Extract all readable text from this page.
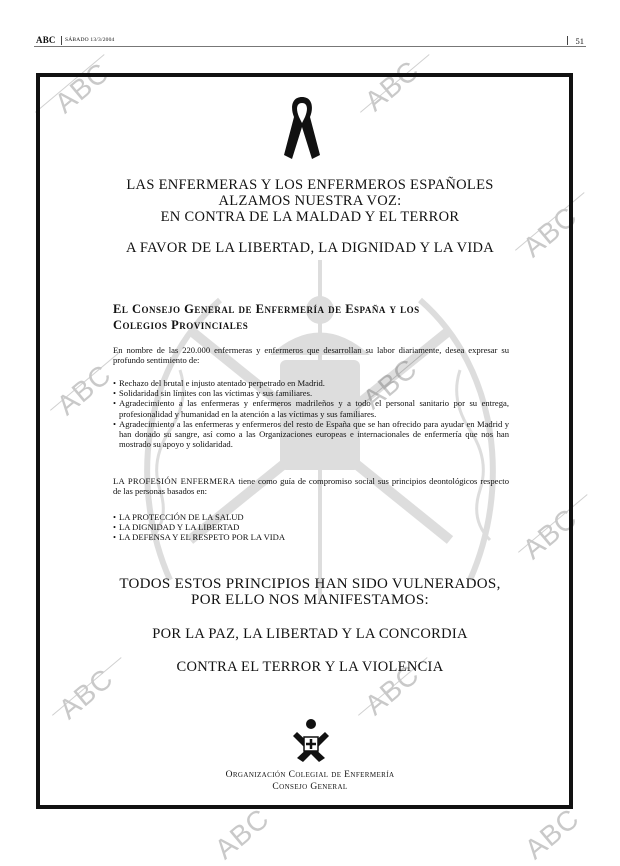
ABC SÁBADO 13/3/2004	51
ABC	ABC
ABC
ABC	ABC
ABC
ABC	ABC
ABC	ABC
LAS ENFERMERAS Y LOS ENFERMEROS ESPAÑOLES
ALZAMOS NUESTRA VOZ:
EN CONTRA DE LA MALDAD Y EL TERROR
A FAVOR DE LA LIBERTAD, LA DIGNIDAD Y LA VIDA
El Consejo General de Enfermería de España y los
Colegios Provinciales
En nombre de las 220.000 enfermeras y enfermeros que desarrollan su labor diariamente, desea expresar su profundo sentimiento de:
• Rechazo del brutal e injusto atentado perpetrado en Madrid.
• Solidaridad sin límites con las víctimas y sus familiares.
• Agradecimiento a las enfermeras y enfermeros madrileños y a todo el personal sanitario por su entrega, profesionalidad y humanidad en la atención a las víctimas y sus familiares.
• Agradecimiento a las enfermeras y enfermeros del resto de España que se han ofrecido para ayudar en Madrid y han donado su sangre, así como a las Organizaciones europeas e internacionales de enfermería que nos han mostrado su apoyo y solidaridad.
LA PROFESIÓN ENFERMERA tiene como guía de compromiso social sus principios deontológicos respecto de las personas basados en:
• LA PROTECCIÓN DE LA SALUD
• LA DIGNIDAD Y LA LIBERTAD
• LA DEFENSA Y EL RESPETO POR LA VIDA
TODOS ESTOS PRINCIPIOS HAN SIDO VULNERADOS,
POR ELLO NOS MANIFESTAMOS:
POR LA PAZ, LA LIBERTAD Y LA CONCORDIA
CONTRA EL TERROR Y LA VIOLENCIA
Organización Colegial de Enfermería
Consejo General
